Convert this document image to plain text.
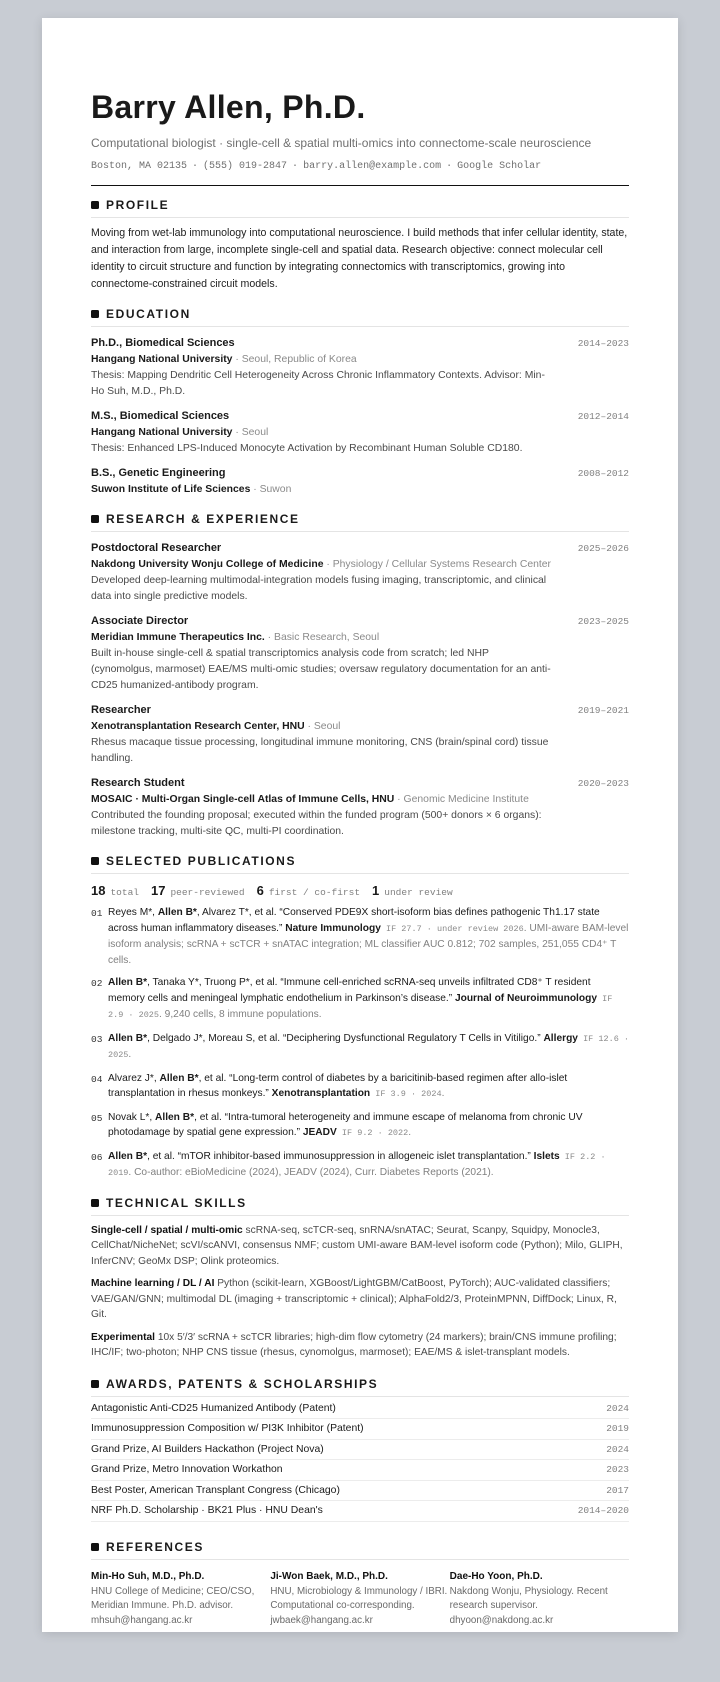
Barry Allen, Ph.D.
Computational biologist · single-cell & spatial multi-omics into connectome-scale neuroscience
Boston, MA 02135 · (555) 019-2847 · barry.allen@example.com · Google Scholar
PROFILE

Moving from wet-lab immunology into computational neuroscience. I build methods that infer cellular identity, state, and interaction from large, incomplete single-cell and spatial data. Research objective: connect molecular cell identity to circuit structure and function by integrating connectomics with transcriptomics, growing into connectome-constrained circuit models.

EDUCATION
Ph.D., Biomedical Sciences	2014–2023
Hangang National University · Seoul, Republic of Korea
Thesis: Mapping Dendritic Cell Heterogeneity Across Chronic Inflammatory Contexts. Advisor: Min-Ho Suh, M.D., Ph.D.
M.S., Biomedical Sciences	2012–2014
Hangang National University · Seoul
Thesis: Enhanced LPS-Induced Monocyte Activation by Recombinant Human Soluble CD180.
B.S., Genetic Engineering	2008–2012
Suwon Institute of Life Sciences · Suwon
RESEARCH & EXPERIENCE
Postdoctoral Researcher	2025–2026
Nakdong University Wonju College of Medicine · Physiology / Cellular Systems Research Center
Developed deep-learning multimodal-integration models fusing imaging, transcriptomic, and clinical data into single predictive models.
Associate Director	2023–2025
Meridian Immune Therapeutics Inc. · Basic Research, Seoul
Built in-house single-cell & spatial transcriptomics analysis code from scratch; led NHP (cynomolgus, marmoset) EAE/MS multi-omic studies; oversaw regulatory documentation for an anti-CD25 humanized-antibody program.
Researcher	2019–2021
Xenotransplantation Research Center, HNU · Seoul
Rhesus macaque tissue processing, longitudinal immune monitoring, CNS (brain/spinal cord) tissue handling.
Research Student	2020–2023
MOSAIC · Multi-Organ Single-cell Atlas of Immune Cells, HNU · Genomic Medicine Institute
Contributed the founding proposal; executed within the funded program (500+ donors × 6 organs): milestone tracking, multi-site QC, multi-PI coordination.
SELECTED PUBLICATIONS
18 total 17 peer-reviewed 6 first / co-first 1 under review
01 Reyes M*, Allen B*, Alvarez T*, et al. “Conserved PDE9X short-isoform bias defines pathogenic Th1.17 state across human inflammatory diseases.” Nature Immunology IF 27.7 · under review 2026. UMI-aware BAM-level isoform analysis; scRNA + scTCR + snATAC integration; ML classifier AUC 0.812; 702 samples, 251,055 CD4⁺ T cells.
02 Allen B*, Tanaka Y*, Truong P*, et al. “Immune cell-enriched scRNA-seq unveils infiltrated CD8⁺ T resident memory cells and meningeal lymphatic endothelium in Parkinson’s disease.” Journal of Neuroimmunology IF 2.9 · 2025. 9,240 cells, 8 immune populations.
03 Allen B*, Delgado J*, Moreau S, et al. “Deciphering Dysfunctional Regulatory T Cells in Vitiligo.” Allergy IF 12.6 · 2025.
04 Alvarez J*, Allen B*, et al. “Long-term control of diabetes by a baricitinib-based regimen after allo-islet transplantation in rhesus monkeys.” Xenotransplantation IF 3.9 · 2024.
05 Novak L*, Allen B*, et al. “Intra-tumoral heterogeneity and immune escape of melanoma from chronic UV photodamage by spatial gene expression.” JEADV IF 9.2 · 2022.
06 Allen B*, et al. “mTOR inhibitor-based immunosuppression in allogeneic islet transplantation.” Islets IF 2.2 · 2019. Co-author: eBioMedicine (2024), JEADV (2024), Curr. Diabetes Reports (2021).
TECHNICAL SKILLS
Single-cell / spatial / multi-omic scRNA-seq, scTCR-seq, snRNA/snATAC; Seurat, Scanpy, Squidpy, Monocle3, CellChat/NicheNet; scVI/scANVI, consensus NMF; custom UMI-aware BAM-level isoform code (Python); Milo, GLIPH, InferCNV; GeoMx DSP; Olink proteomics.
Machine learning / DL / AI Python (scikit-learn, XGBoost/LightGBM/CatBoost, PyTorch); AUC-validated classifiers; VAE/GAN/GNN; multimodal DL (imaging + transcriptomic + clinical); AlphaFold2/3, ProteinMPNN, DiffDock; Linux, R, Git.
Experimental 10x 5′/3′ scRNA + scTCR libraries; high-dim flow cytometry (24 markers); brain/CNS immune profiling; IHC/IF; two-photon; NHP CNS tissue (rhesus, cynomolgus, marmoset); EAE/MS & islet-transplant models.
AWARDS, PATENTS & SCHOLARSHIPS
Antagonistic Anti-CD25 Humanized Antibody (Patent)	2024
Immunosuppression Composition w/ PI3K Inhibitor (Patent)	2019
Grand Prize, AI Builders Hackathon (Project Nova)	2024
Grand Prize, Metro Innovation Workathon	2023
Best Poster, American Transplant Congress (Chicago)	2017
NRF Ph.D. Scholarship · BK21 Plus · HNU Dean's	2014–2020
REFERENCES
Min-Ho Suh, M.D., Ph.D.
HNU College of Medicine; CEO/CSO, Meridian Immune. Ph.D. advisor.
mhsuh@hangang.ac.kr
Ji-Won Baek, M.D., Ph.D.
HNU, Microbiology & Immunology / IBRI. Computational co-corresponding.
jwbaek@hangang.ac.kr
Dae-Ho Yoon, Ph.D.
Nakdong Wonju, Physiology. Recent research supervisor.
dhyoon@nakdong.ac.kr
